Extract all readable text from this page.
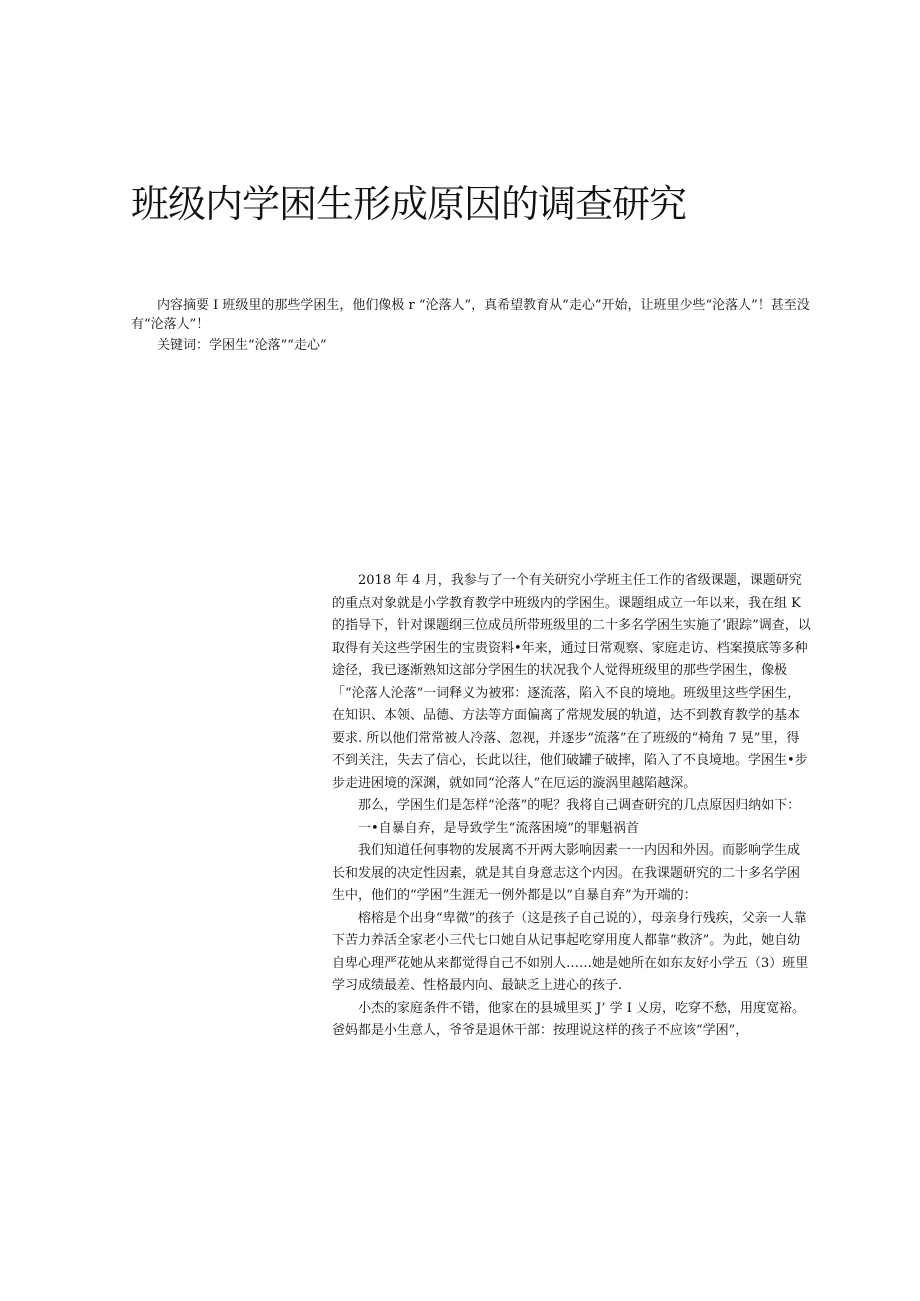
班级内学困生形成原因的调查研究

内容摘要 I 班级里的那些学困生，他们像极 r “沦落人”，真希望教育从“走心”开始，让班里少些“沦落人”！甚至没有“沦落人”！

关键词：学困生“沦落”“走心”

2018 年 4 月，我参与了一个有关研究小学班主任工作的省级课题，课题研究的重点对象就是小学教育教学中班级内的学困生。课题组成立一年以来，我在组 K 的指导下，针对课题纲三位成员所带班级里的二十多名学困生实施了‘跟踪”调查，以取得有关这些学困生的宝贵资料•年来，通过日常观察、家庭走访、档案摸底等多种途径，我已逐渐熟知这部分学困生的状况我个人觉得班级里的那些学困生，像极「“沦落人沦落”一词释义为被邪：逐流落，陷入不良的境地。班级里这些学困生，在知识、本领、品德、方法等方面偏离了常规发展的轨道，达不到教育教学的基本要求. 所以他们常常被人冷落、忽视，并逐步“流落”在了班级的“椅角 7 晃”里，得不到关注，失去了信心，长此以往，他们破罐子破摔，陷入了不良境地。学困生•步步走进困境的深渊，就如同“沦落人”在厄运的漩涡里越陷越深。

那么，学困生们是怎样“沦落”的呢？我将自己调查研究的几点原因归纳如下：

一•自暴自弃，是导致学生“流落困境”的罪魁祸首

我们知道任何事物的发展离不开两大影响因素一一内因和外因。而影响学生成长和发展的决定性因素，就是其自身意志这个内因。在我课题研究的二十多名学困生中，他们的“学困”生涯无一例外都是以“自暴自弃”为开端的：

榕榕是个出身“卑微”的孩子（这是孩子自己说的），母亲身行残疾，父亲一人靠下苦力养活全家老小三代七口她自从记事起吃穿用度人都靠“救济”。为此，她自幼自卑心理严花她从来都觉得自己不如别人……她是她所在如东友好小学五（3）班里学习成绩最差、性格最内向、最缺乏上进心的孩子.

小杰的家庭条件不错，他家在的县城里买 J’ 学 I 乂房，吃穿不愁，用度宽裕。爸妈都是小生意人，爷爷是退休干部：按理说这样的孩子不应该“学困”，
